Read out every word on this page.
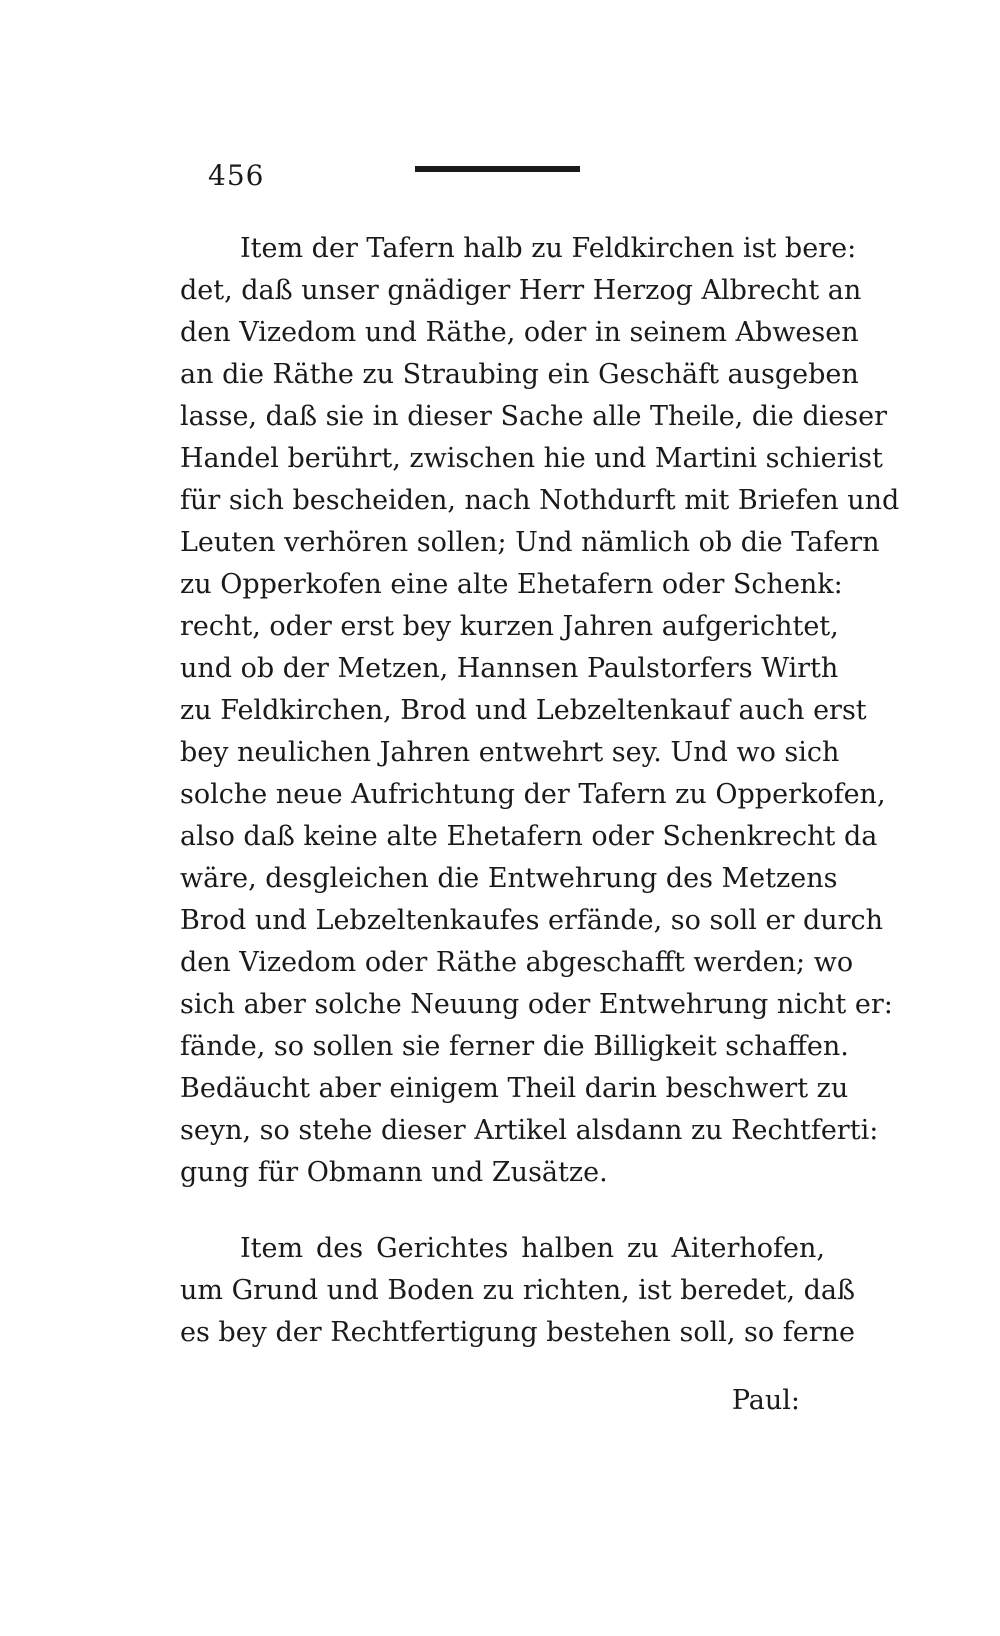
456
Item der Tafern halb zu Feldkirchen ist bere:
det, daß unser gnädiger Herr Herzog Albrecht an
den Vizedom und Räthe, oder in seinem Abwesen
an die Räthe zu Straubing ein Geschäft ausgeben
lasse, daß sie in dieser Sache alle Theile, die dieser
Handel berührt, zwischen hie und Martini schierist
für sich bescheiden, nach Nothdurft mit Briefen und
Leuten verhören sollen; Und nämlich ob die Tafern
zu Opperkofen eine alte Ehetafern oder Schenk:
recht, oder erst bey kurzen Jahren aufgerichtet,
und ob der Metzen, Hannsen Paulstorfers Wirth
zu Feldkirchen, Brod und Lebzeltenkauf auch erst
bey neulichen Jahren entwehrt sey. Und wo sich
solche neue Aufrichtung der Tafern zu Opperkofen,
also daß keine alte Ehetafern oder Schenkrecht da
wäre, desgleichen die Entwehrung des Metzens
Brod und Lebzeltenkaufes erfände, so soll er durch
den Vizedom oder Räthe abgeschafft werden; wo
sich aber solche Neuung oder Entwehrung nicht er:
fände, so sollen sie ferner die Billigkeit schaffen.
Bedäucht aber einigem Theil darin beschwert zu
seyn, so stehe dieser Artikel alsdann zu Rechtferti:
gung für Obmann und Zusätze.
Item des Gerichtes halben zu Aiterhofen,
um Grund und Boden zu richten, ist beredet, daß
es bey der Rechtfertigung bestehen soll, so ferne
Paul:
